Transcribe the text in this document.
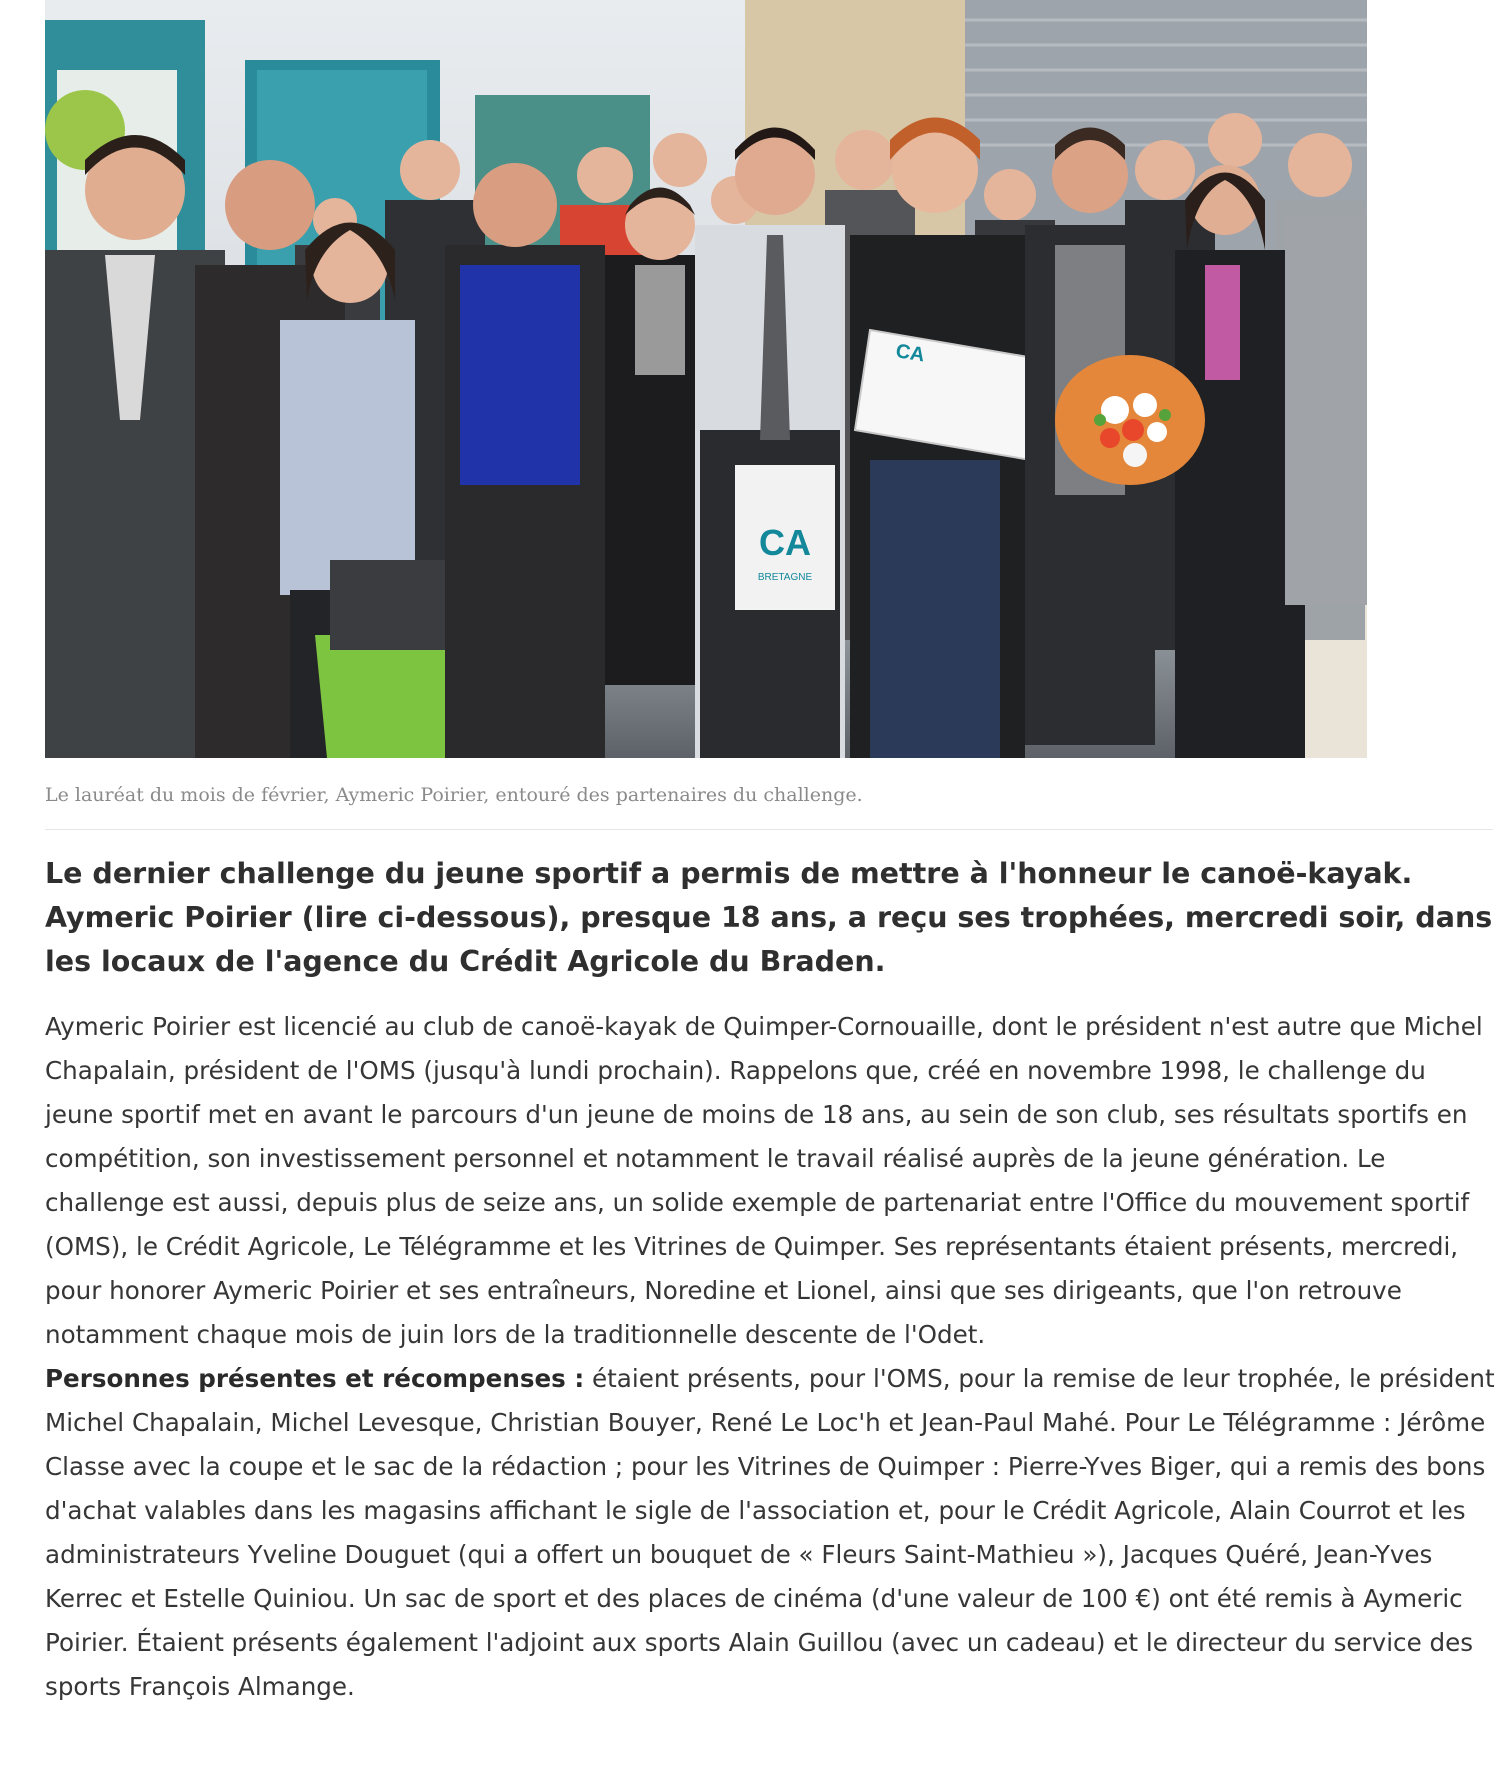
CA
BRETAGNE
CA
Le lauréat du mois de février, Aymeric Poirier, entouré des partenaires du challenge.
Le dernier challenge du jeune sportif a permis de mettre à l'honneur le canoë-kayak. Aymeric Poirier (lire ci-dessous), presque 18 ans, a reçu ses trophées, mercredi soir, dans les locaux de l'agence du Crédit Agricole du Braden.

Aymeric Poirier est licencié au club de canoë-kayak de Quimper-Cornouaille, dont le président n'est autre que Michel Chapalain, président de l'OMS (jusqu'à lundi prochain). Rappelons que, créé en novembre 1998, le challenge du jeune sportif met en avant le parcours d'un jeune de moins de 18 ans, au sein de son club, ses résultats sportifs en compétition, son investissement personnel et notamment le travail réalisé auprès de la jeune génération. Le challenge est aussi, depuis plus de seize ans, un solide exemple de partenariat entre l'Office du mouvement sportif (OMS), le Crédit Agricole, Le Télégramme et les Vitrines de Quimper. Ses représentants étaient présents, mercredi, pour honorer Aymeric Poirier et ses entraîneurs, Noredine et Lionel, ainsi que ses dirigeants, que l'on retrouve notamment chaque mois de juin lors de la traditionnelle descente de l'Odet.

Personnes présentes et récompenses : étaient présents, pour l'OMS, pour la remise de leur trophée, le président Michel Chapalain, Michel Levesque, Christian Bouyer, René Le Loc'h et Jean-Paul Mahé. Pour Le Télégramme : Jérôme Classe avec la coupe et le sac de la rédaction ; pour les Vitrines de Quimper : Pierre-Yves Biger, qui a remis des bons d'achat valables dans les magasins affichant le sigle de l'association et, pour le Crédit Agricole, Alain Courrot et les administrateurs Yveline Douguet (qui a offert un bouquet de « Fleurs Saint-Mathieu »), Jacques Quéré, Jean-Yves Kerrec et Estelle Quiniou. Un sac de sport et des places de cinéma (d'une valeur de 100 €) ont été remis à Aymeric Poirier. Étaient présents également l'adjoint aux sports Alain Guillou (avec un cadeau) et le directeur du service des sports François Almange.
